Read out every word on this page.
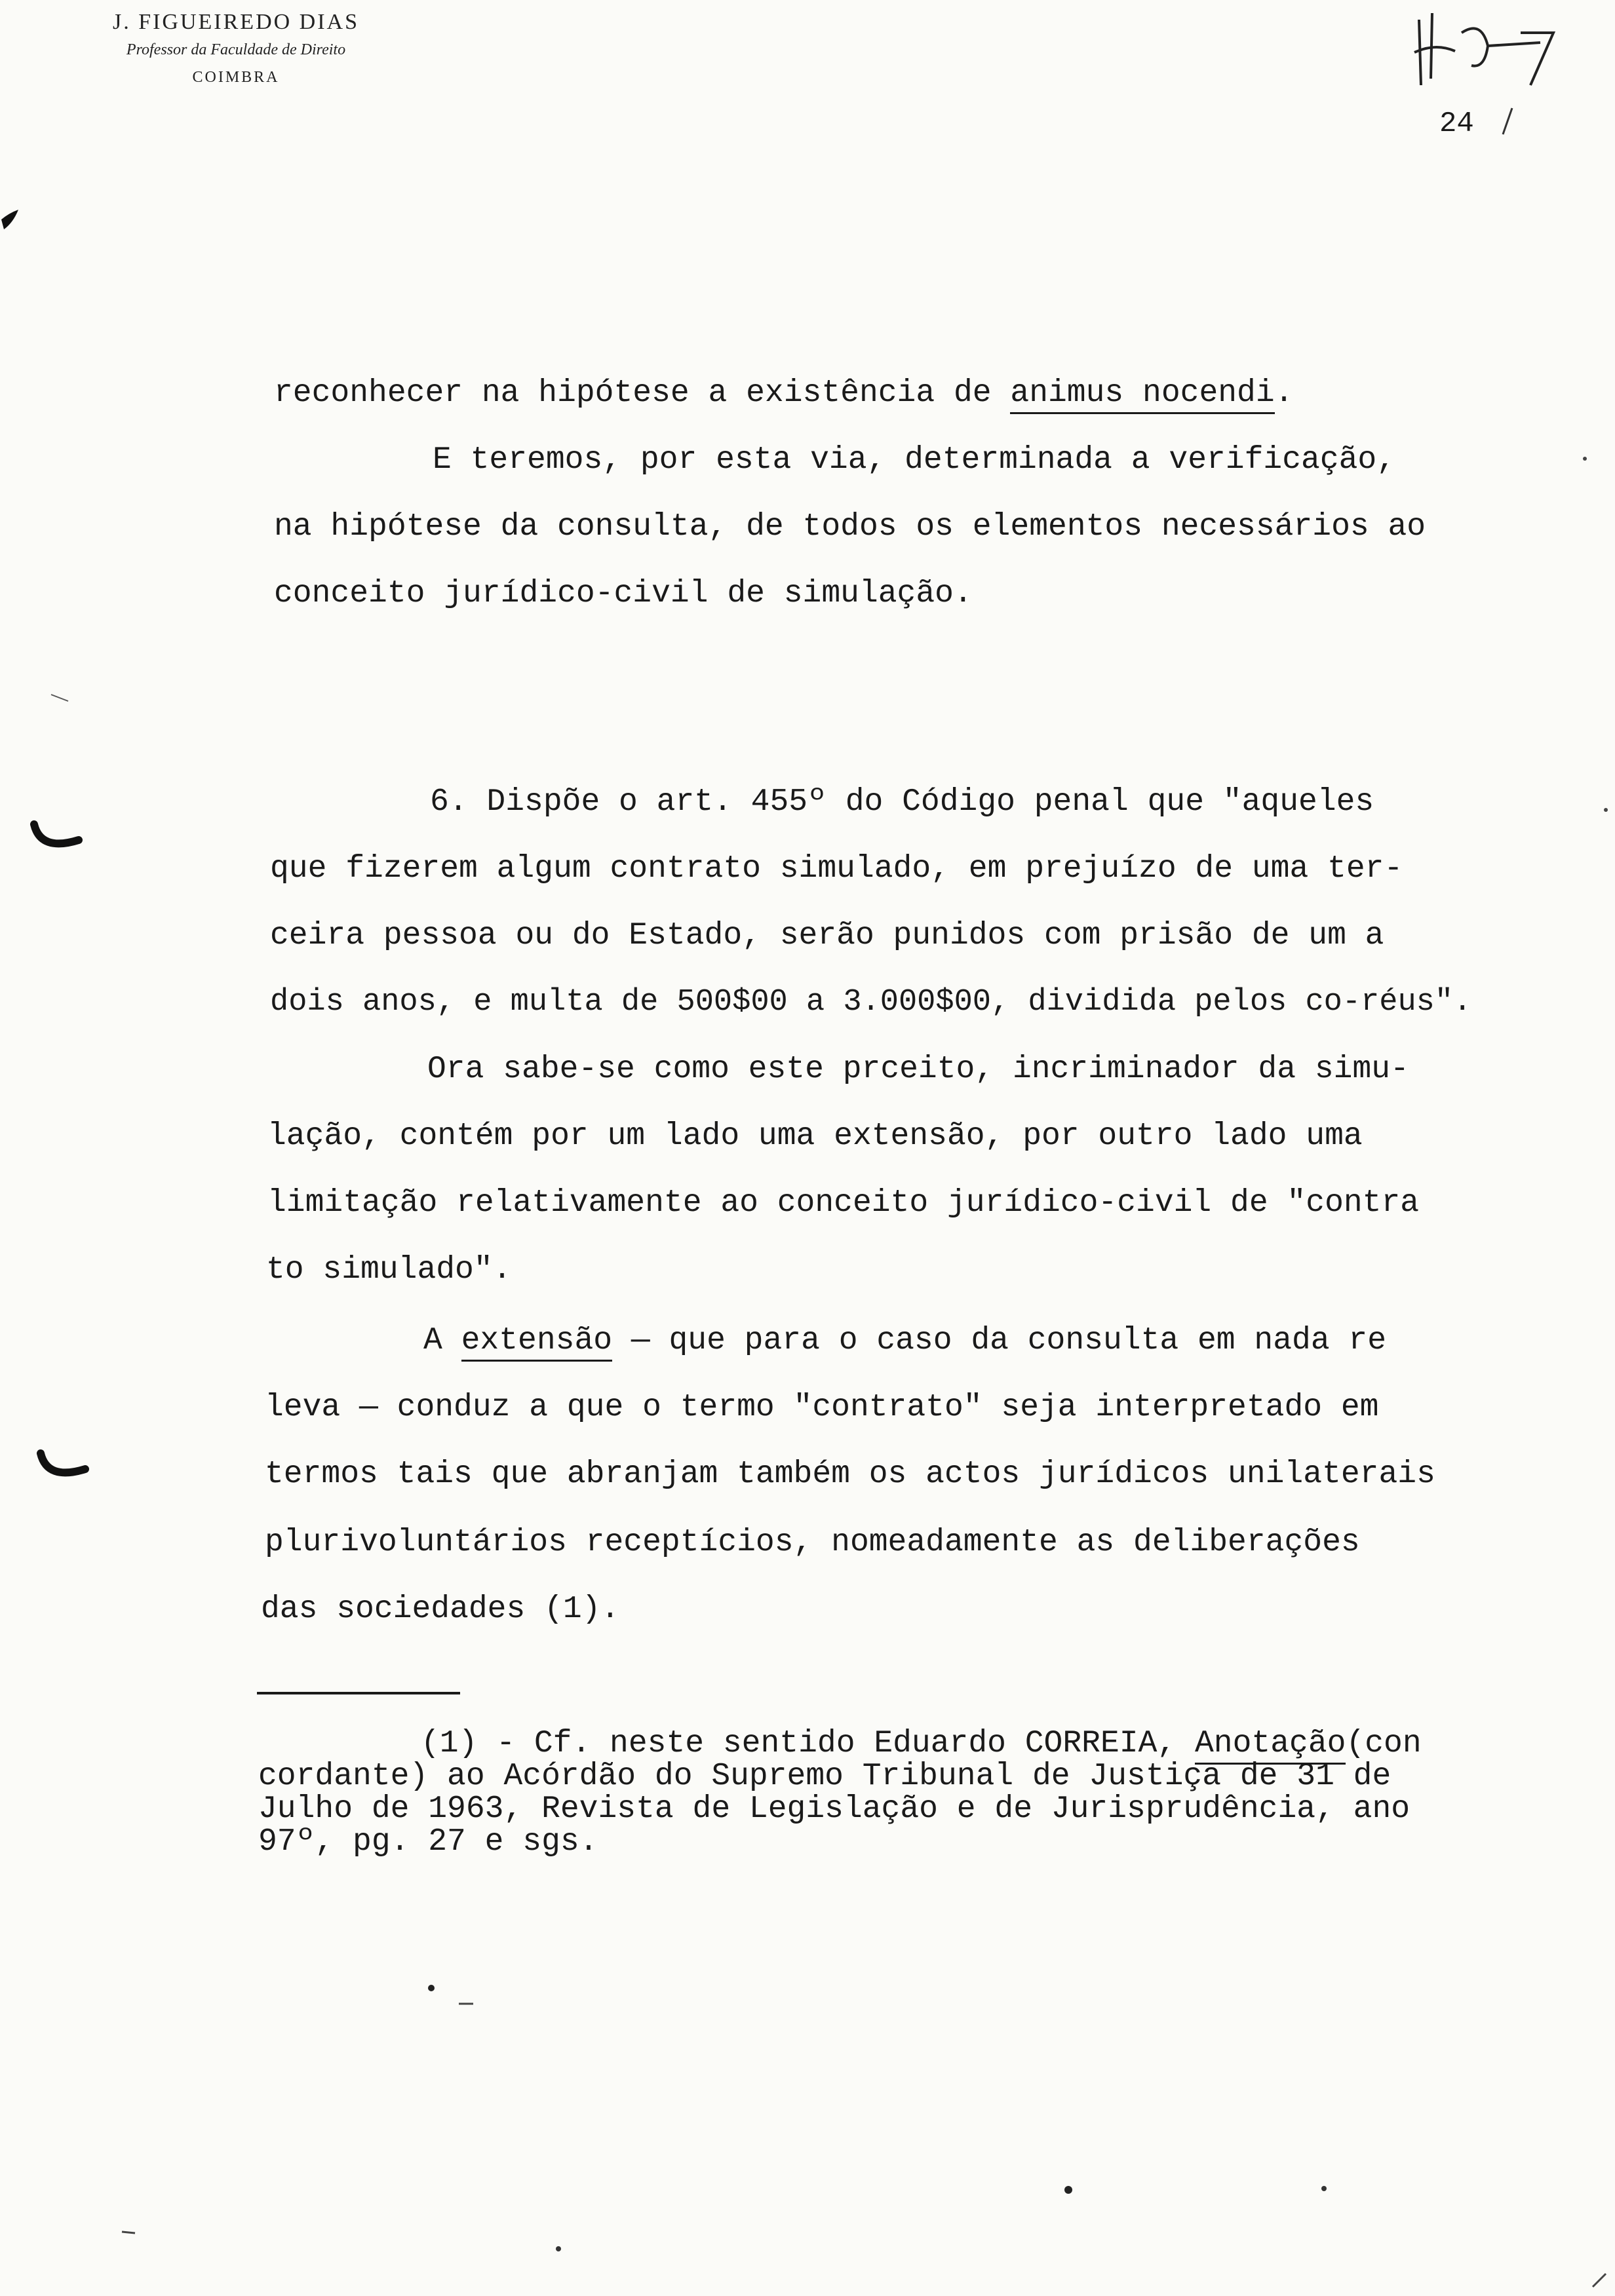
J. FIGUEIREDO DIAS
Professor da Faculdade de Direito
COIMBRA
24
reconhecer na hipótese a existência de animus nocendi.
E teremos, por esta via, determinada a verificação,
na hipótese da consulta, de todos os elementos necessários ao
conceito jurídico-civil de simulação.
6. Dispõe o art. 455º do Código penal que "aqueles
que fizerem algum contrato simulado, em prejuízo de uma ter-
ceira pessoa ou do Estado, serão punidos com prisão de um a
dois anos, e multa de 500$00 a 3.000$00, dividida pelos co-réus".
Ora sabe-se como este prceito, incriminador da simu-
lação, contém por um lado uma extensão, por outro lado uma
limitação relativamente ao conceito jurídico-civil de "contra
to simulado".
A extensão — que para o caso da consulta em nada re
leva — conduz a que o termo "contrato" seja interpretado em
termos tais que abranjam também os actos jurídicos unilaterais
plurivoluntários receptícios, nomeadamente as deliberações
das sociedades (1).
(1) - Cf. neste sentido Eduardo CORREIA, Anotação(con
cordante) ao Acórdão do Supremo Tribunal de Justiça de 31 de
Julho de 1963, Revista de Legislação e de Jurisprudência, ano
97º, pg. 27 e sgs.
